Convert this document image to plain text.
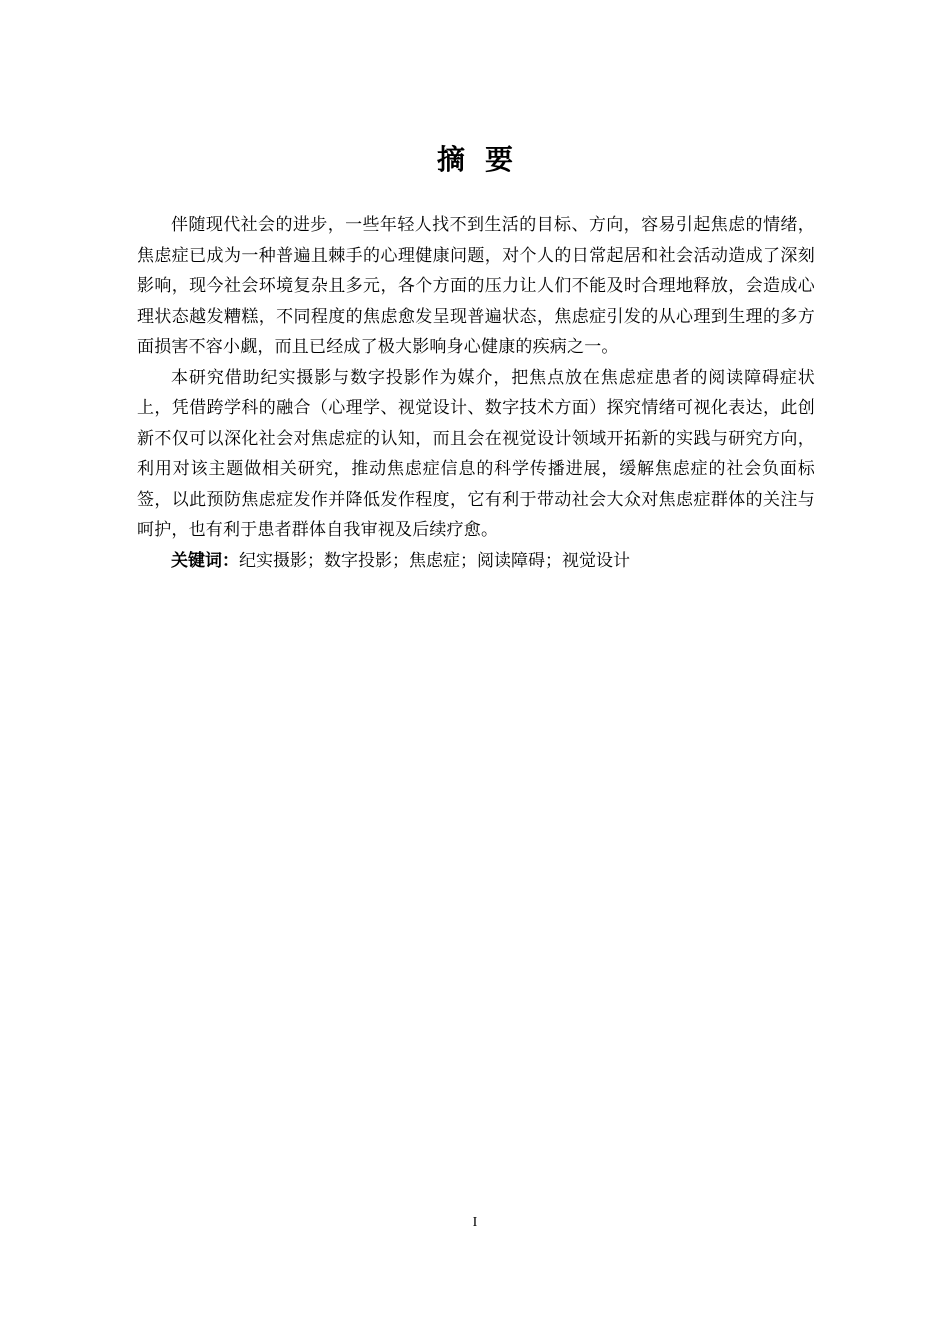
摘要

伴随现代社会的进步，一些年轻人找不到生活的目标、方向，容易引起焦虑的情绪，焦虑症已成为一种普遍且棘手的心理健康问题，对个人的日常起居和社会活动造成了深刻影响，现今社会环境复杂且多元，各个方面的压力让人们不能及时合理地释放，会造成心理状态越发糟糕，不同程度的焦虑愈发呈现普遍状态，焦虑症引发的从心理到生理的多方面损害不容小觑，而且已经成了极大影响身心健康的疾病之一。

本研究借助纪实摄影与数字投影作为媒介，把焦点放在焦虑症患者的阅读障碍症状上，凭借跨学科的融合（心理学、视觉设计、数字技术方面）探究情绪可视化表达，此创新不仅可以深化社会对焦虑症的认知，而且会在视觉设计领域开拓新的实践与研究方向，利用对该主题做相关研究，推动焦虑症信息的科学传播进展，缓解焦虑症的社会负面标签，以此预防焦虑症发作并降低发作程度，它有利于带动社会大众对焦虑症群体的关注与呵护，也有利于患者群体自我审视及后续疗愈。

关键词：纪实摄影；数字投影；焦虑症；阅读障碍；视觉设计

I
